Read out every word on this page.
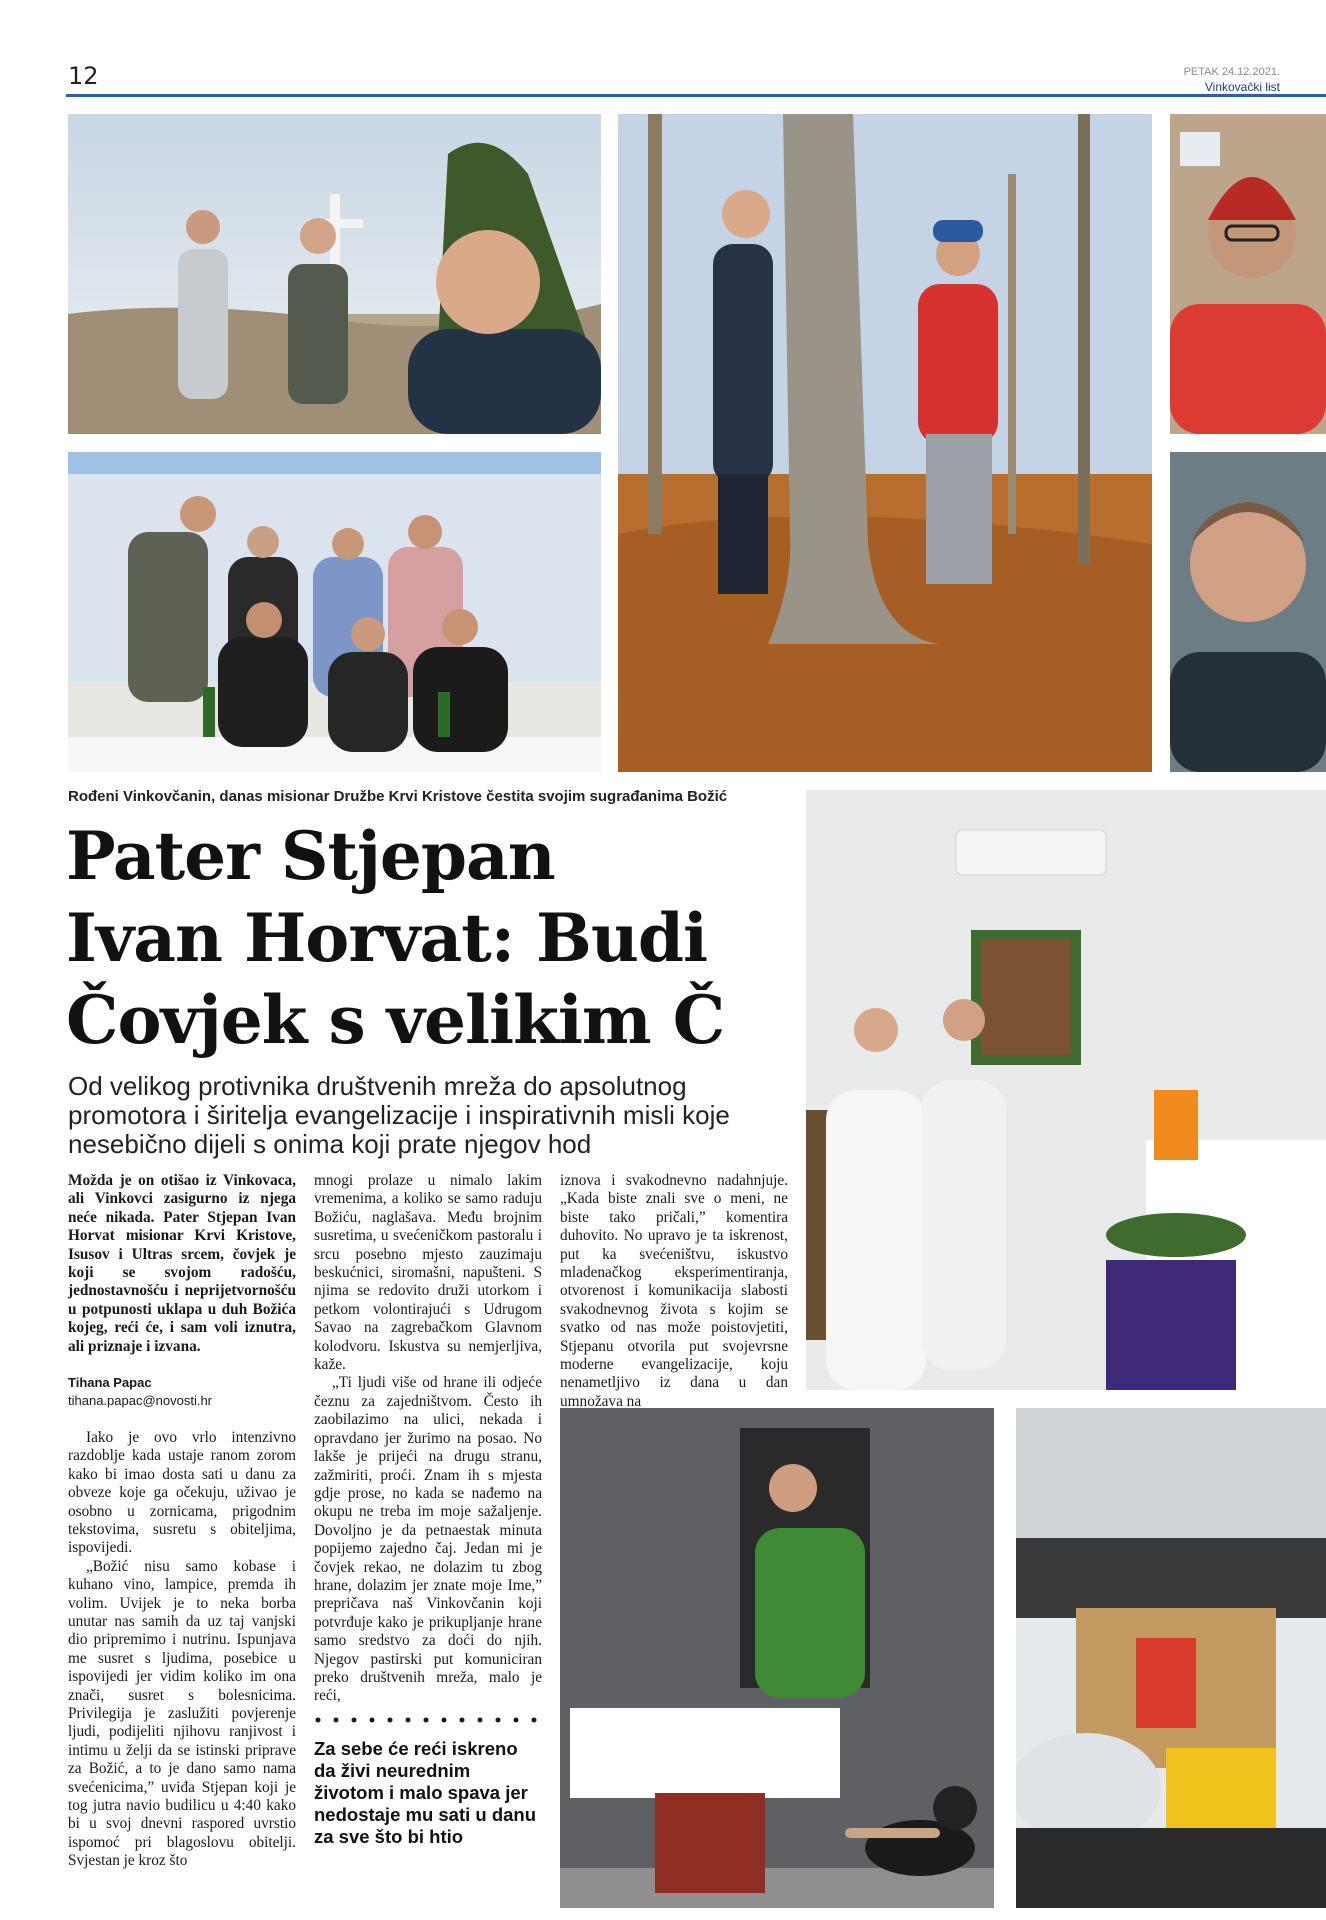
12	PETAK 24.12.2021.
Vinkovački list
Rođeni Vinkovčanin, danas misionar Družbe Krvi Kristove čestita svojim sugrađanima Božić
Pater Stjepan
Ivan Horvat: Budi
Čovjek s velikim Č

Od velikog protivnika društvenih mreža do apsolutnog promotora i širitelja evangelizacije i inspirativnih misli koje nesebično dijeli s onima koji prate njegov hod

Možda je on otišao iz Vinkovaca, ali Vinkovci zasigurno iz njega neće nikada. Pater Stjepan Ivan Horvat misionar Krvi Kristove, Isusov i Ultras srcem, čovjek je koji se svojom radošću, jednostavnošću i neprijetvornošću u potpunosti uklapa u duh Božića kojeg, reći će, i sam voli iznutra, ali priznaje i izvana.

Tihana Papac
tihana.papac@novosti.hr

Iako je ovo vrlo intenzivno razdoblje kada ustaje ranom zorom kako bi imao dosta sati u danu za obveze koje ga očekuju, uživao je osobno u zornicama, prigodnim tekstovima, susretu s obiteljima, ispovijedi.

„Božić nisu samo kobase i kuhano vino, lampice, premda ih volim. Uvijek je to neka borba unutar nas samih da uz taj vanjski dio pripremimo i nutrinu. Ispunjava me susret s ljudima, posebice u ispovijedi jer vidim koliko im ona znači, susret s bolesnicima. Privilegija je zaslužiti povjerenje ljudi, podijeliti njihovu ranjivost i intimu u želji da se istinski priprave za Božić, a to je dano samo nama svećenicima,” uviđa Stjepan koji je tog jutra navio budilicu u 4:40 kako bi u svoj dnevni raspored uvrstio ispomoć pri blagoslovu obitelji. Svjestan je kroz što

mnogi prolaze u nimalo lakim vremenima, a koliko se samo raduju Božiću, naglašava. Među brojnim susretima, u svećeničkom pastoralu i srcu posebno mjesto zauzimaju beskućnici, siromašni, napušteni. S njima se redovito druži utorkom i petkom volontirajući s Udrugom Savao na zagrebačkom Glavnom kolodvoru. Iskustva su nemjerljiva, kaže.

„Ti ljudi više od hrane ili odjeće čeznu za zajedništvom. Često ih zaobilazimo na ulici, nekada i opravdano jer žurimo na posao. No lakše je prijeći na drugu stranu, zažmiriti, proći. Znam ih s mjesta gdje prose, no kada se nađemo na okupu ne treba im moje sažaljenje. Dovoljno je da petnaestak minuta popijemo zajedno čaj. Jedan mi je čovjek rekao, ne dolazim tu zbog hrane, dolazim jer znate moje Ime,” prepričava naš Vinkovčanin koji potvrđuje kako je prikupljanje hrane samo sredstvo za doći do njih. Njegov pastirski put komuniciran preko društvenih mreža, malo je reći,

iznova i svakodnevno nadahnjuje. „Kada biste znali sve o meni, ne biste tako pričali,” komentira duhovito. No upravo je ta iskrenost, put ka svećeništvu, iskustvo mladenačkog eksperimentiranja, otvorenost i komunikacija slabosti svakodnevnog života s kojim se svatko od nas može poistovjetiti, Stjepanu otvorila put svojevrsne moderne evangelizacije, koju nenametljivo iz dana u dan umnožava na

Za sebe će reći iskreno da živi neurednim životom i malo spava jer nedostaje mu sati u danu za sve što bi htio
